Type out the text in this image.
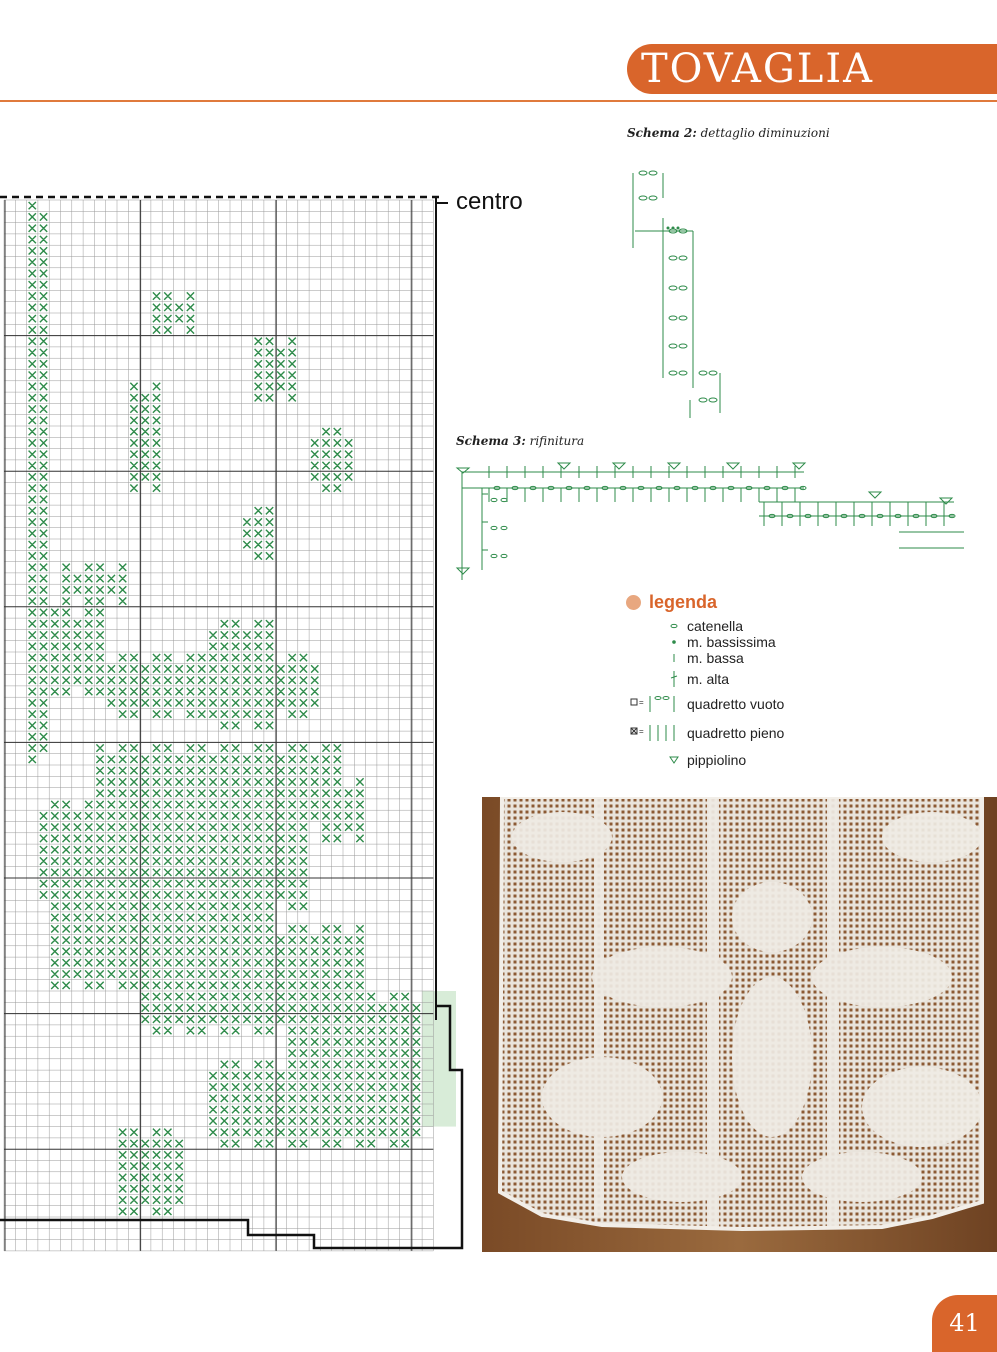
TOVAGLIA
Schema 2: dettaglio diminuzioni
Schema 3: rifinitura
centro
legenda
catenella
m. bassissima
m. bassa
m. alta
=	quadretto vuoto
=	quadretto pieno
pippiolino
41
